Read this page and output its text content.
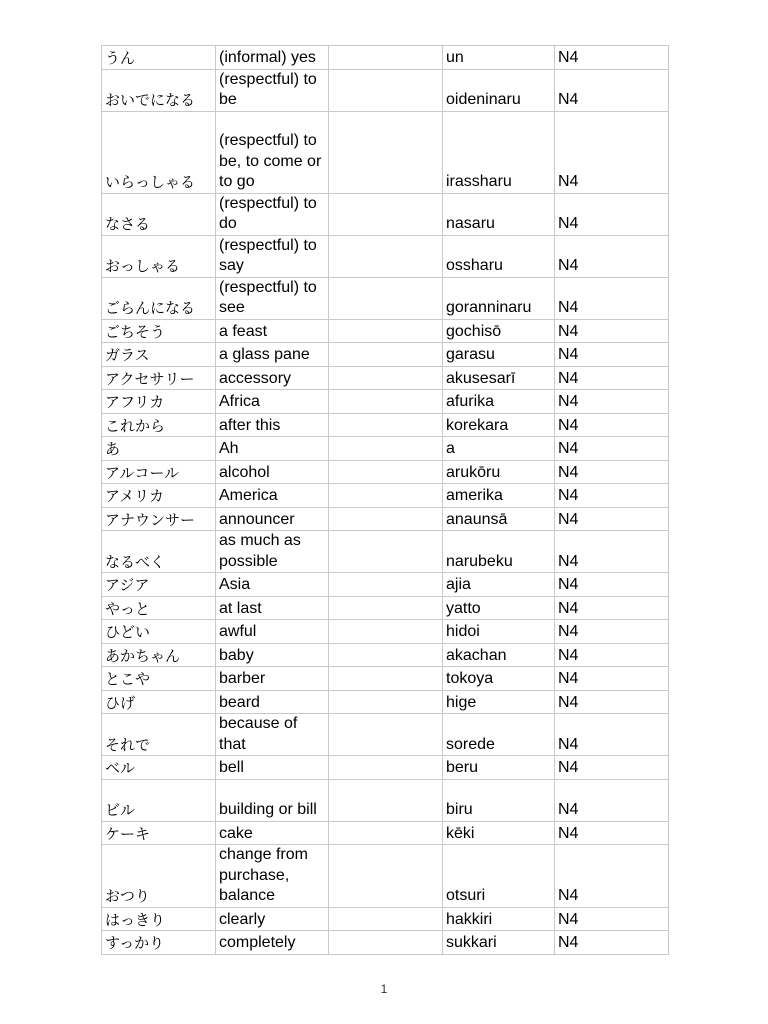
うん	(informal) yes		un	N4
おいでになる	(respectful) to be		oideninaru	N4
いらっしゃる	(respectful) to be, to come or to go		irassharu	N4
なさる	(respectful) to do		nasaru	N4
おっしゃる	(respectful) to say		ossharu	N4
ごらんになる	(respectful) to see		goranninaru	N4
ごちそう	a feast		gochisō	N4
ガラス	a glass pane		garasu	N4
アクセサリー	accessory		akusesarī	N4
アフリカ	Africa		afurika	N4
これから	after this		korekara	N4
あ	Ah		a	N4
アルコール	alcohol		arukōru	N4
アメリカ	America		amerika	N4
アナウンサー	announcer		anaunsā	N4
なるべく	as much as possible		narubeku	N4
アジア	Asia		ajia	N4
やっと	at last		yatto	N4
ひどい	awful		hidoi	N4
あかちゃん	baby		akachan	N4
とこや	barber		tokoya	N4
ひげ	beard		hige	N4
それで	because of that		sorede	N4
ベル	bell		beru	N4
ビル	building or bill		biru	N4
ケーキ	cake		kēki	N4
おつり	change from purchase, balance		otsuri	N4
はっきり	clearly		hakkiri	N4
すっかり	completely		sukkari	N4
1
